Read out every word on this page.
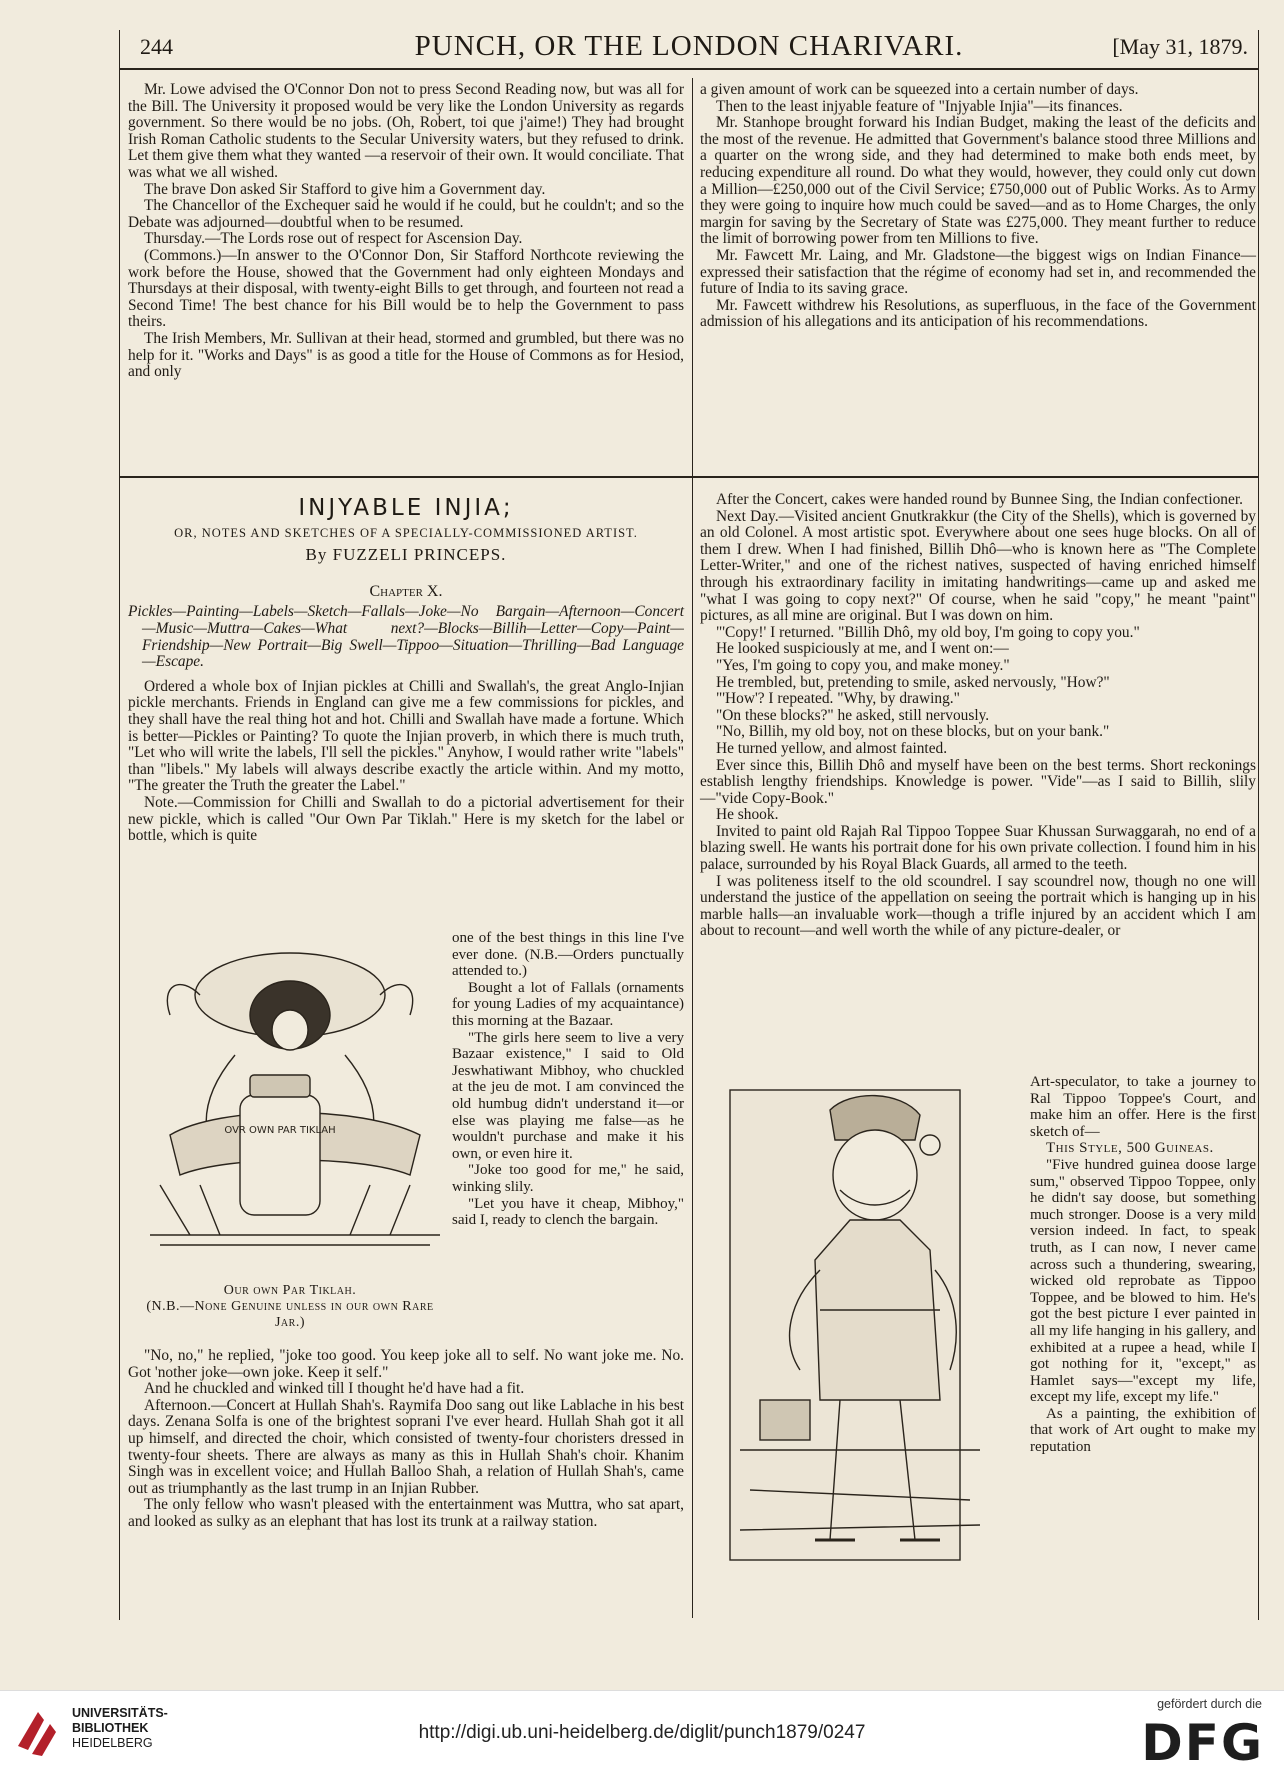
244	PUNCH, OR THE LONDON CHARIVARI.	[May 31, 1879.

Mr. Lowe advised the O'Connor Don not to press Second Reading now, but was all for the Bill. The University it proposed would be very like the London University as regards government. So there would be no jobs. (Oh, Robert, toi que j'aime!) They had brought Irish Roman Catholic students to the Secular University waters, but they refused to drink. Let them give them what they wanted —a reservoir of their own. It would conciliate. That was what we all wished.

The brave Don asked Sir Stafford to give him a Government day.

The Chancellor of the Exchequer said he would if he could, but he couldn't; and so the Debate was adjourned—doubtful when to be resumed.

Thursday.—The Lords rose out of respect for Ascension Day.

(Commons.)—In answer to the O'Connor Don, Sir Stafford Northcote reviewing the work before the House, showed that the Government had only eighteen Mondays and Thursdays at their disposal, with twenty-eight Bills to get through, and fourteen not read a Second Time! The best chance for his Bill would be to help the Government to pass theirs.

The Irish Members, Mr. Sullivan at their head, stormed and grumbled, but there was no help for it. "Works and Days" is as good a title for the House of Commons as for Hesiod, and only

a given amount of work can be squeezed into a certain number of days.

Then to the least injyable feature of "Injyable Injia"—its finances.

Mr. Stanhope brought forward his Indian Budget, making the least of the deficits and the most of the revenue. He admitted that Government's balance stood three Millions and a quarter on the wrong side, and they had determined to make both ends meet, by reducing expenditure all round. Do what they would, however, they could only cut down a Million—£250,000 out of the Civil Service; £750,000 out of Public Works. As to Army they were going to inquire how much could be saved—and as to Home Charges, the only margin for saving by the Secretary of State was £275,000. They meant further to reduce the limit of borrowing power from ten Millions to five.

Mr. Fawcett Mr. Laing, and Mr. Gladstone—the biggest wigs on Indian Finance—expressed their satisfaction that the régime of economy had set in, and recommended the future of India to its saving grace.

Mr. Fawcett withdrew his Resolutions, as superfluous, in the face of the Government admission of his allegations and its anticipation of his recommendations.

INJYABLE INJIA;
OR, NOTES AND SKETCHES OF A SPECIALLY-COMMISSIONED ARTIST.
By FUZZELI PRINCEPS.
Chapter X.
Pickles—Painting—Labels—Sketch—Fallals—Joke—No Bargain—Afternoon—Concert—Music—Muttra—Cakes—What next?—Blocks—Billih—Letter—Copy—Paint—Friendship—New Portrait—Big Swell—Tippoo—Situation—Thrilling—Bad Language—Escape.

Ordered a whole box of Injian pickles at Chilli and Swallah's, the great Anglo-Injian pickle merchants. Friends in England can give me a few commissions for pickles, and they shall have the real thing hot and hot. Chilli and Swallah have made a fortune. Which is better—Pickles or Painting? To quote the Injian proverb, in which there is much truth, "Let who will write the labels, I'll sell the pickles." Anyhow, I would rather write "labels" than "libels." My labels will always describe exactly the article within. And my motto, "The greater the Truth the greater the Label."

Note.—Commission for Chilli and Swallah to do a pictorial advertisement for their new pickle, which is called "Our Own Par Tiklah." Here is my sketch for the label or bottle, which is quite

OVR OWN PAR TIKLAH

one of the best things in this line I've ever done. (N.B.—Orders punctually attended to.)

Bought a lot of Fallals (ornaments for young Ladies of my acquaintance) this morning at the Bazaar.

"The girls here seem to live a very Bazaar existence," I said to Old Jeswhatiwant Mibhoy, who chuckled at the jeu de mot. I am convinced the old humbug didn't understand it—or else was playing me false—as he wouldn't purchase and make it his own, or even hire it.

"Joke too good for me," he said, winking slily.

"Let you have it cheap, Mibhoy," said I, ready to clench the bargain.

Our own Par Tiklah.
(N.B.—None Genuine unless in our own Rare Jar.)

"No, no," he replied, "joke too good. You keep joke all to self. No want joke me. No. Got 'nother joke—own joke. Keep it self."

And he chuckled and winked till I thought he'd have had a fit.

Afternoon.—Concert at Hullah Shah's. Raymifa Doo sang out like Lablache in his best days. Zenana Solfa is one of the brightest soprani I've ever heard. Hullah Shah got it all up himself, and directed the choir, which consisted of twenty-four choristers dressed in twenty-four sheets. There are always as many as this in Hullah Shah's choir. Khanim Singh was in excellent voice; and Hullah Balloo Shah, a relation of Hullah Shah's, came out as triumphantly as the last trump in an Injian Rubber.

The only fellow who wasn't pleased with the entertainment was Muttra, who sat apart, and looked as sulky as an elephant that has lost its trunk at a railway station.

After the Concert, cakes were handed round by Bunnee Sing, the Indian confectioner.

Next Day.—Visited ancient Gnutkrakkur (the City of the Shells), which is governed by an old Colonel. A most artistic spot. Everywhere about one sees huge blocks. On all of them I drew. When I had finished, Billih Dhô—who is known here as "The Complete Letter-Writer," and one of the richest natives, suspected of having enriched himself through his extraordinary facility in imitating handwritings—came up and asked me "what I was going to copy next?" Of course, when he said "copy," he meant "paint" pictures, as all mine are original. But I was down on him.

"'Copy!' I returned. "Billih Dhô, my old boy, I'm going to copy you."

He looked suspiciously at me, and I went on:—

"Yes, I'm going to copy you, and make money."

He trembled, but, pretending to smile, asked nervously, "How?"

"'How'? I repeated. "Why, by drawing."

"On these blocks?" he asked, still nervously.

"No, Billih, my old boy, not on these blocks, but on your bank."

He turned yellow, and almost fainted.

Ever since this, Billih Dhô and myself have been on the best terms. Short reckonings establish lengthy friendships. Knowledge is power. "Vide"—as I said to Billih, slily—"vide Copy-Book."

He shook.

Invited to paint old Rajah Ral Tippoo Toppee Suar Khussan Surwaggarah, no end of a blazing swell. He wants his portrait done for his own private collection. I found him in his palace, surrounded by his Royal Black Guards, all armed to the teeth.

I was politeness itself to the old scoundrel. I say scoundrel now, though no one will understand the justice of the appellation on seeing the portrait which is hanging up in his marble halls—an invaluable work—though a trifle injured by an accident which I am about to recount—and well worth the while of any picture-dealer, or

Art-speculator, to take a journey to Ral Tippoo Toppee's Court, and make him an offer. Here is the first sketch of—

This Style, 500 Guineas.

"Five hundred guinea doose large sum," observed Tippoo Toppee, only he didn't say doose, but something much stronger. Doose is a very mild version indeed. In fact, to speak truth, as I can now, I never came across such a thundering, swearing, wicked old reprobate as Tippoo Toppee, and be blowed to him. He's got the best picture I ever painted in all my life hanging in his gallery, and exhibited at a rupee a head, while I got nothing for it, "except," as Hamlet says—"except my life, except my life, except my life."

As a painting, the exhibition of that work of Art ought to make my reputation

UNIVERSITÄTS-
BIBLIOTHEK
HEIDELBERG	http://digi.ub.uni-heidelberg.de/diglit/punch1879/0247
gefördert durch die
DFG
